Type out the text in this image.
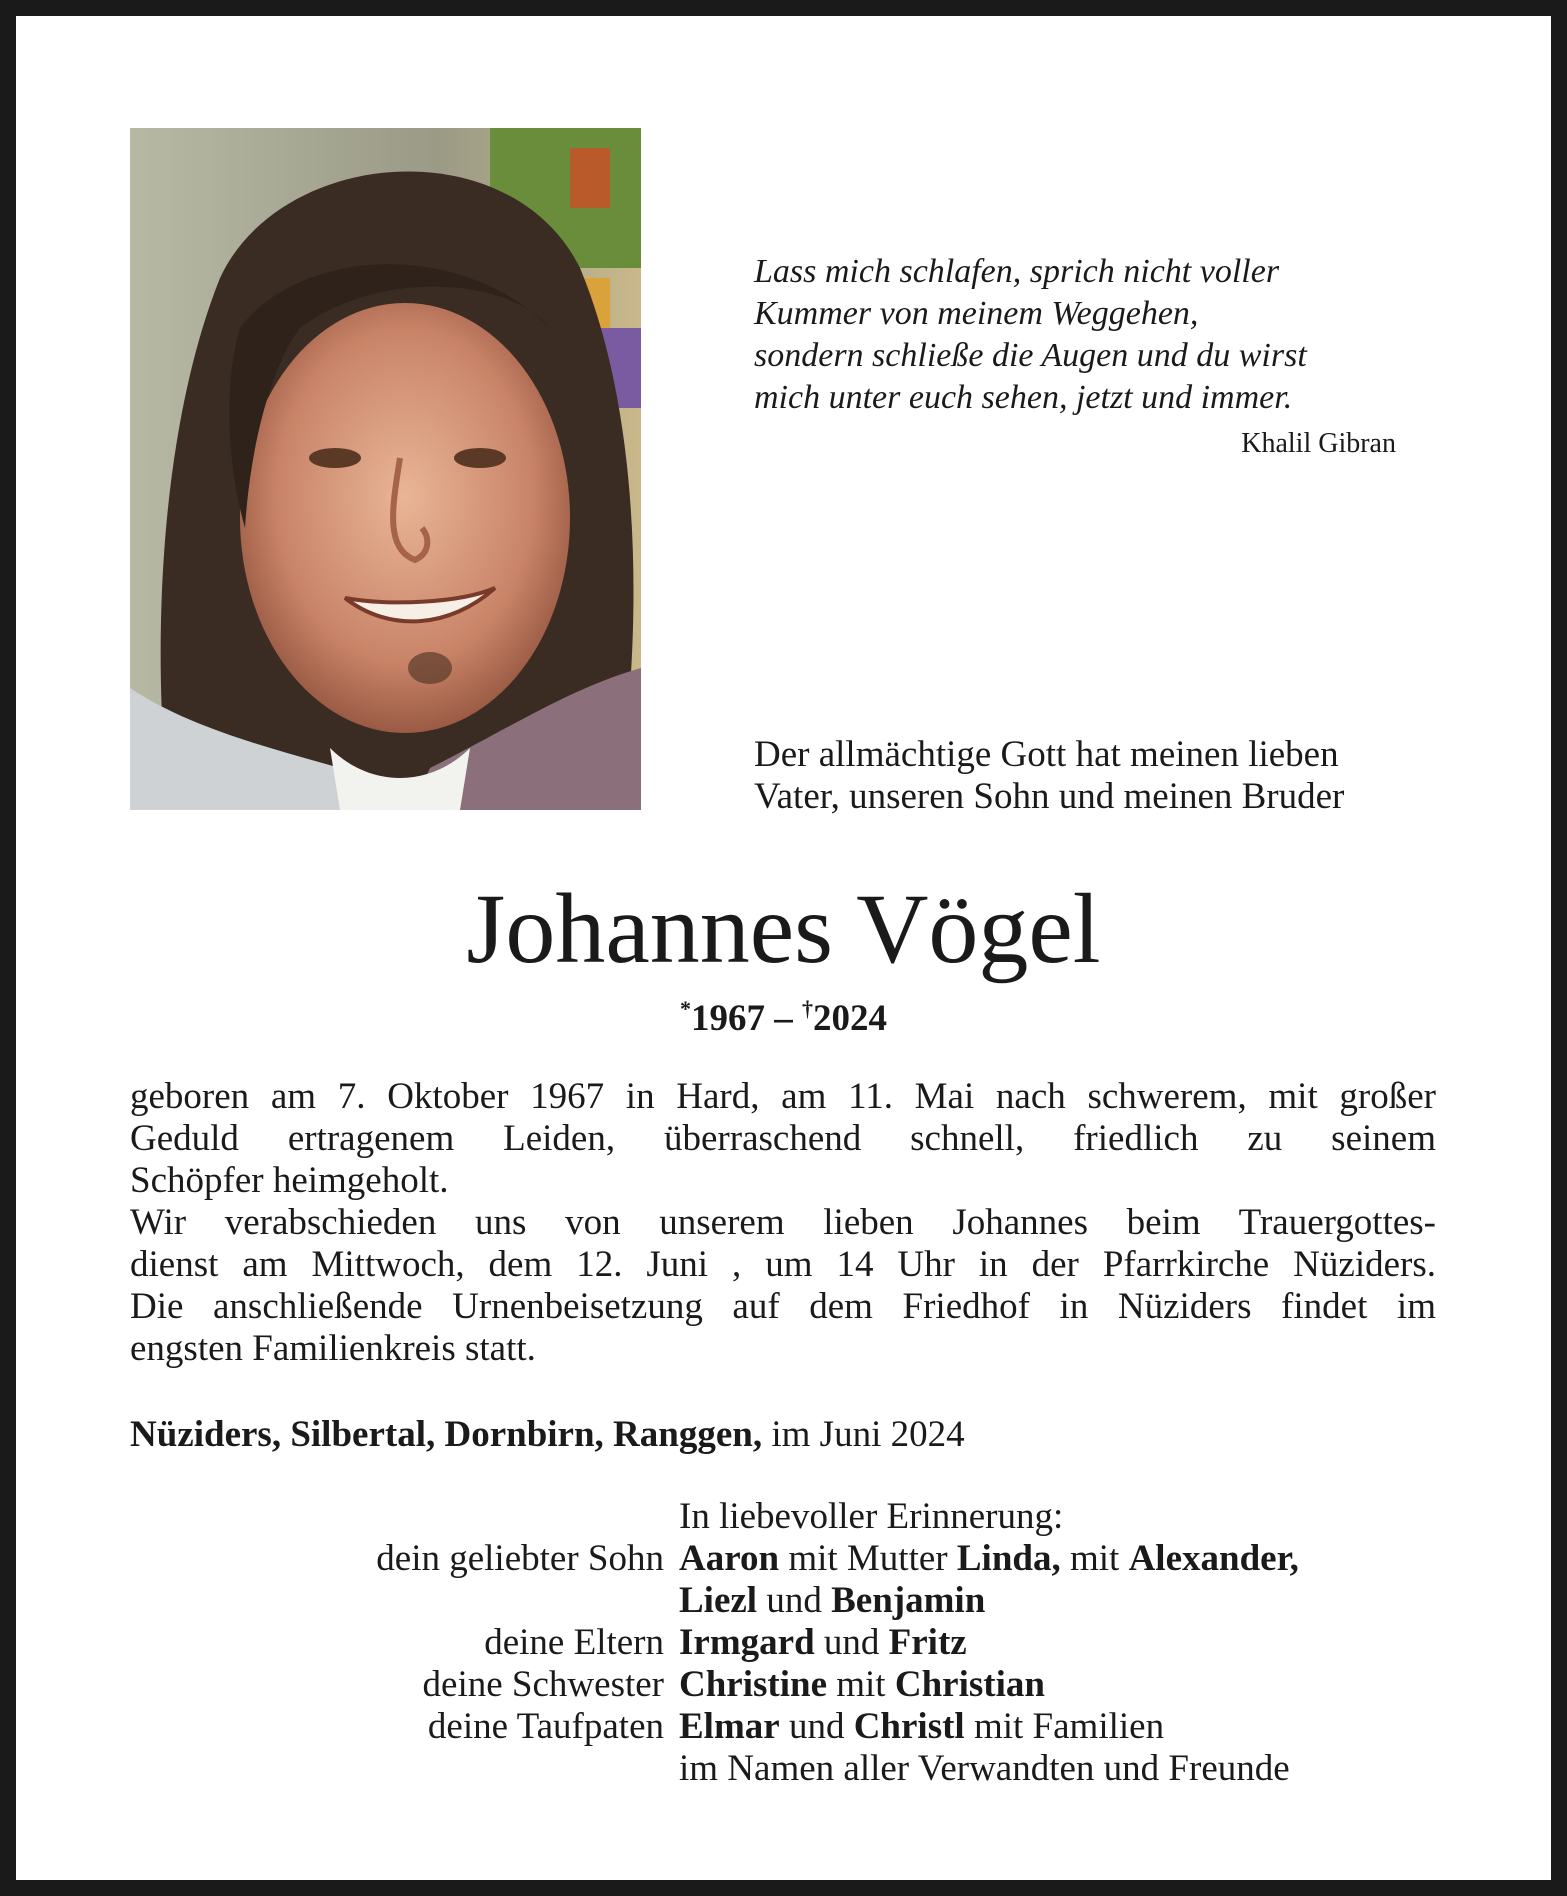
Lass mich schlafen, sprich nicht voller
Kummer von meinem Weggehen,
sondern schließe die Augen und du wirst
mich unter euch sehen, jetzt und immer.
Khalil Gibran
Der allmächtige Gott hat meinen lieben
Vater, unseren Sohn und meinen Bruder
Johannes Vögel
*1967 – †2024
geboren am 7. Oktober 1967 in Hard, am 11. Mai nach schwerem, mit großer
Geduld ertragenem Leiden, überraschend schnell, friedlich zu seinem
Schöpfer heimgeholt.
Wir verabschieden uns von unserem lieben Johannes beim Trauergottes-
dienst am Mittwoch, dem 12. Juni , um 14 Uhr in der Pfarrkirche Nüziders.
Die anschließende Urnenbeisetzung auf dem Friedhof in Nüziders findet im
engsten Familienkreis statt.
Nüziders, Silbertal, Dornbirn, Ranggen, im Juni 2024
In liebevoller Erinnerung:
dein geliebter Sohn Aaron mit Mutter Linda, mit Alexander,
Liezl und Benjamin
deine Eltern Irmgard und Fritz
deine Schwester Christine mit Christian
deine Taufpaten Elmar und Christl mit Familien
im Namen aller Verwandten und Freunde
